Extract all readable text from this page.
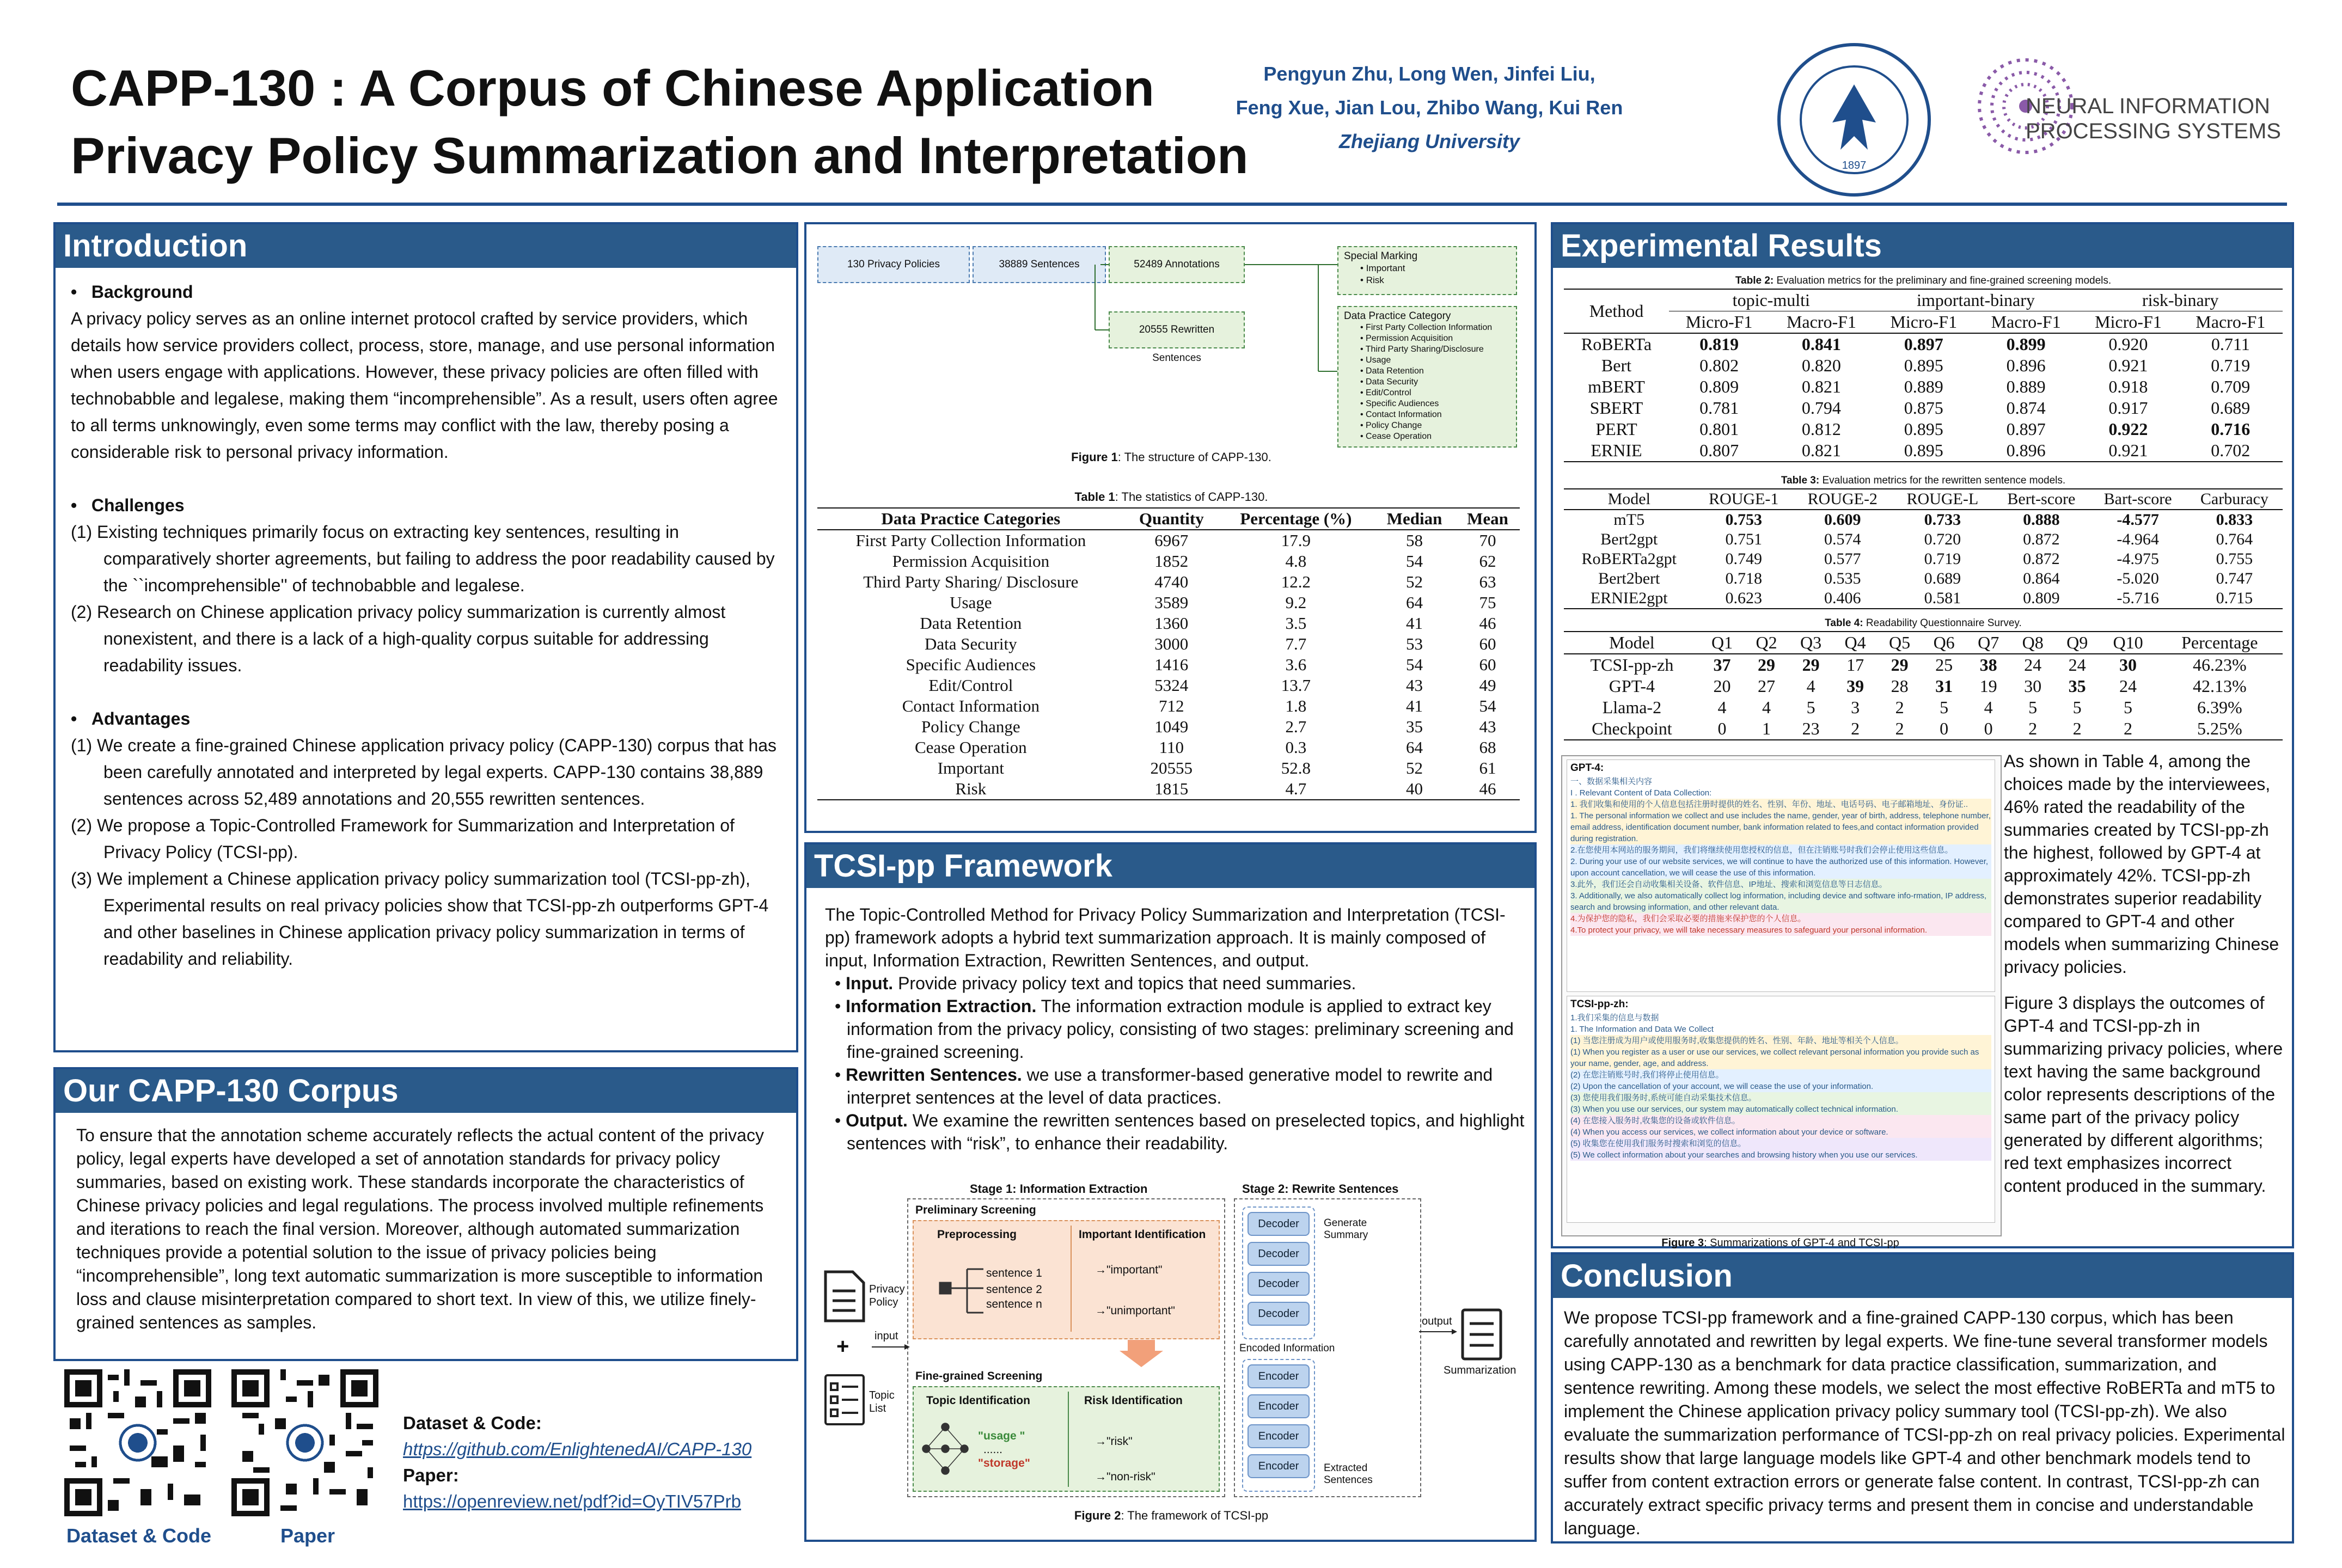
CAPP-130 : A Corpus of Chinese Application
Privacy Policy Summarization and Interpretation
Pengyun Zhu, Long Wen, Jinfei Liu,
Feng Xue, Jian Lou, Zhibo Wang, Kui Ren
Zhejiang University
1897
NEURAL INFORMATION
PROCESSING SYSTEMS
Introduction

•   Background

A privacy policy serves as an online internet protocol crafted by service providers, which details how service providers collect, process, store, manage, and use personal information when users engage with applications. However, these privacy policies are often filled with technobabble and legalese, making them “incomprehensible”. As a result, users often agree to all terms unknowingly, even some terms may conflict with the law, thereby posing a considerable risk to personal privacy information.

•   Challenges

(1) Existing techniques primarily focus on extracting key sentences, resulting in comparatively shorter agreements, but failing to address the poor readability caused by the ``incomprehensible'' of technobabble and legalese.

(2) Research on Chinese application privacy policy summarization is currently almost nonexistent, and there is a lack of a high-quality corpus suitable for addressing readability issues.

•   Advantages

(1) We create a fine-grained Chinese application privacy policy (CAPP-130) corpus that has been carefully annotated and interpreted by legal experts. CAPP-130 contains 38,889 sentences across 52,489 annotations and 20,555 rewritten sentences.

(2) We propose a Topic-Controlled Framework for Summarization and Interpretation of Privacy Policy (TCSI-pp).

(3) We implement a Chinese application privacy policy summarization tool (TCSI-pp-zh), Experimental results on real privacy policies show that TCSI-pp-zh outperforms GPT-4 and other baselines in Chinese application privacy policy summarization in terms of readability and reliability.

Our CAPP-130 Corpus
To ensure that the annotation scheme accurately reflects the actual content of the privacy policy, legal experts have developed a set of annotation standards for privacy policy summaries, based on existing work. These standards incorporate the characteristics of Chinese privacy policies and legal regulations. The process involved multiple refinements and iterations to reach the final version. Moreover, although automated summarization techniques provide a potential solution to the issue of privacy policies being “incomprehensible”, long text automatic summarization is more susceptible to information loss and clause misinterpretation compared to short text. In view of this, we utilize finely-grained sentences as samples.
Dataset & Code	Paper
Dataset & Code:
https://github.com/EnlightenedAI/CAPP-130
Paper:
https://openreview.net/pdf?id=OyTIV57Prb
130 Privacy Policies	38889 Sentences	52489 Annotations
20555 Rewritten Sentences
Special Marking
• Important
• Risk
Data Practice Category
• First Party Collection Information
• Permission Acquisition
• Third Party Sharing/Disclosure
• Usage
• Data Retention
• Data Security
• Edit/Control
• Specific Audiences
• Contact Information
• Policy Change
• Cease Operation
Figure 1: The structure of CAPP-130.
Table 1: The statistics of CAPP-130.
Data Practice Categories	Quantity	Percentage (%)	Median	Mean
First Party Collection Information	6967	17.9	58	70
Permission Acquisition	1852	4.8	54	62
Third Party Sharing/ Disclosure	4740	12.2	52	63
Usage	3589	9.2	64	75
Data Retention	1360	3.5	41	46
Data Security	3000	7.7	53	60
Specific Audiences	1416	3.6	54	60
Edit/Control	5324	13.7	43	49
Contact Information	712	1.8	41	54
Policy Change	1049	2.7	35	43
Cease Operation	110	0.3	64	68
Important	20555	52.8	52	61
Risk	1815	4.7	40	46
TCSI-pp Framework

The Topic-Controlled Method for Privacy Policy Summarization and Interpretation (TCSI-pp) framework adopts a hybrid text summarization approach. It is mainly composed of input, Information Extraction, Rewritten Sentences, and output.

• Input. Provide privacy policy text and topics that need summaries.
• Information Extraction. The information extraction module is applied to extract key information from the privacy policy, consisting of two stages: preliminary screening and fine-grained screening.
• Rewritten Sentences. we use a transformer-based generative model to rewrite and interpret sentences at the level of data practices.
• Output. We examine the rewritten sentences based on preselected topics, and highlight sentences with “risk”, to enhance their readability.
Stage 1: Information Extraction	Stage 2: Rewrite Sentences
Preliminary Screening
Preprocessing	Important Identification
sentence 1
sentence 2
sentence n
→"important"
→"unimportant"
Fine-grained Screening
Topic Identification	Risk Identification
"usage "
......
"storage"
→"risk"
→"non-risk"
Privacy Policy
+ input
Topic List
Decoder
Decoder
Decoder
Decoder
Generate Summary
Encoded Information
Encoder
Encoder
Encoder
Encoder	Extracted Sentences
output
Summarization
Figure 2: The framework of TCSI-pp
Experimental Results
Table 2: Evaluation metrics for the preliminary and fine-grained screening models.
Method	topic-multi		important-binary		risk-binary	
	Micro-F1	Macro-F1	Micro-F1	Macro-F1	Micro-F1	Macro-F1
RoBERTa	0.819	0.841	0.897	0.899	0.920	0.711
Bert	0.802	0.820	0.895	0.896	0.921	0.719
mBERT	0.809	0.821	0.889	0.889	0.918	0.709
SBERT	0.781	0.794	0.875	0.874	0.917	0.689
PERT	0.801	0.812	0.895	0.897	0.922	0.716
ERNIE	0.807	0.821	0.895	0.896	0.921	0.702
Table 3: Evaluation metrics for the rewritten sentence models.
Model	ROUGE-1	ROUGE-2	ROUGE-L	Bert-score	Bart-score	Carburacy
mT5	0.753	0.609	0.733	0.888	-4.577	0.833
Bert2gpt	0.751	0.574	0.720	0.872	-4.964	0.764
RoBERTa2gpt	0.749	0.577	0.719	0.872	-4.975	0.755
Bert2bert	0.718	0.535	0.689	0.864	-5.020	0.747
ERNIE2gpt	0.623	0.406	0.581	0.809	-5.716	0.715
Table 4: Readability Questionnaire Survey.
Model	Q1	Q2	Q3	Q4	Q5	Q6	Q7	Q8	Q9	Q10	Percentage
TCSI-pp-zh	37	29	29	17	29	25	38	24	24	30	46.23%
GPT-4	20	27	4	39	28	31	19	30	35	24	42.13%
Llama-2	4	4	5	3	2	5	4	5	5	5	6.39%
Checkpoint	0	1	23	2	2	0	0	2	2	2	5.25%
GPT-4:
一、数据采集相关内容
I . Relevant Content of Data Collection:
1. 我们收集和使用的个人信息包括注册时提供的姓名、性别、年份、地址、电话号码、电子邮箱地址、身份证..
1. The personal information we collect and use includes the name, gender, year of birth, address, telephone number, email address, identification document number, bank information related to fees,and contact information provided during registration.
2.在您使用本网站的服务期间，我们将继续使用您授权的信息，但在注销账号时我们会停止使用这些信息。
2. During your use of our website services, we will continue to have the authorized use of this information. However, upon account cancellation, we will cease the use of this information.
3.此外，我们还会自动收集相关设备、软件信息、IP地址、搜索和浏览信息等日志信息。
3. Additionally, we also automatically collect log information, including device and software info-rmation, IP address, search and browsing information, and other relevant data.
4.为保护您的隐私，我们会采取必要的措施来保护您的个人信息。
4.To protect your privacy, we will take necessary measures to safeguard your personal information.
TCSI-pp-zh:
1.我们采集的信息与数据
1. The Information and Data We Collect
(1) 当您注册成为用户或使用服务时,收集您提供的姓名、性别、年龄、地址等相关个人信息。
(1) When you register as a user or use our services, we collect relevant personal information you provide such as your name, gender, age, and address.
(2) 在您注销账号时,我们将停止使用信息。
(2) Upon the cancellation of your account, we will cease the use of your information.
(3) 您使用我们服务时,系统可能自动采集技术信息。
(3) When you use our services, our system may automatically collect technical information.
(4) 在您接入服务时,收集您的设备或软件信息。
(4) When you access our services, we collect information about your device or software.
(5) 收集您在使用我们服务时搜索和浏览的信息。
(5) We collect information about your searches and browsing history when you use our services.
Figure 3: Summarizations of GPT-4 and TCSI-pp

As shown in Table 4, among the choices made by the interviewees, 46% rated the readability of the summaries created by TCSI-pp-zh the highest, followed by GPT-4 at approximately 42%. TCSI-pp-zh demonstrates superior readability compared to GPT-4 and other models when summarizing Chinese privacy policies.

Figure 3 displays the outcomes of GPT-4 and TCSI-pp-zh in summarizing privacy policies, where text having the same background color represents descriptions of the same part of the privacy policy generated by different algorithms; red text emphasizes incorrect content produced in the summary.

Conclusion
We propose TCSI-pp framework and a fine-grained CAPP-130 corpus, which has been carefully annotated and rewritten by legal experts. We fine-tune several transformer models using CAPP-130 as a benchmark for data practice classification, summarization, and sentence rewriting. Among these models, we select the most effective RoBERTa and mT5 to implement the Chinese application privacy policy summary tool (TCSI-pp-zh). We also evaluate the summarization performance of TCSI-pp-zh on real privacy policies. Experimental results show that large language models like GPT-4 and other benchmark models tend to suffer from content extraction errors or generate false content. In contrast, TCSI-pp-zh can accurately extract specific privacy terms and present them in concise and understandable language.
